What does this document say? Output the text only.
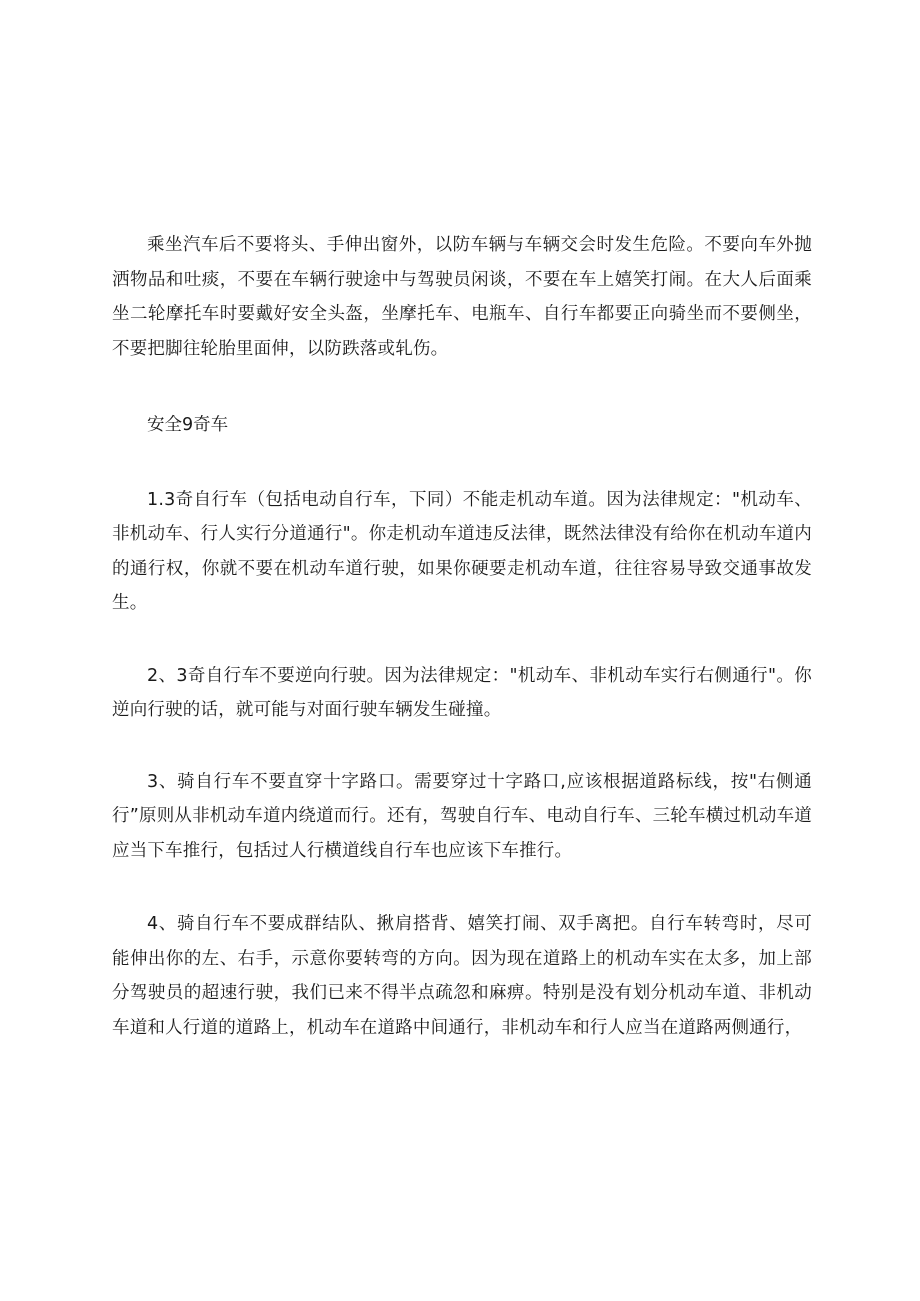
乘坐汽车后不要将头、手伸出窗外，以防车辆与车辆交会时发生危险。不要向车外抛洒物品和吐痰，不要在车辆行驶途中与驾驶员闲谈，不要在车上嬉笑打闹。在大人后面乘坐二轮摩托车时要戴好安全头盔，坐摩托车、电瓶车、自行车都要正向骑坐而不要侧坐，不要把脚往轮胎里面伸，以防跌落或轧伤。

安全9奇车

1.3奇自行车（包括电动自行车，下同）不能走机动车道。因为法律规定："机动车、非机动车、行人实行分道通行"。你走机动车道违反法律，既然法律没有给你在机动车道内的通行权，你就不要在机动车道行驶，如果你硬要走机动车道，往往容易导致交通事故发生。

2、3奇自行车不要逆向行驶。因为法律规定："机动车、非机动车实行右侧通行"。你逆向行驶的话，就可能与对面行驶车辆发生碰撞。

3、骑自行车不要直穿十字路口。需要穿过十字路口,应该根据道路标线，按"右侧通行”原则从非机动车道内绕道而行。还有，驾驶自行车、电动自行车、三轮车横过机动车道应当下车推行，包括过人行横道线自行车也应该下车推行。

4、骑自行车不要成群结队、揪肩搭背、嬉笑打闹、双手离把。自行车转弯时，尽可能伸出你的左、右手，示意你要转弯的方向。因为现在道路上的机动车实在太多，加上部分驾驶员的超速行驶，我们已来不得半点疏忽和麻痹。特别是没有划分机动车道、非机动车道和人行道的道路上，机动车在道路中间通行，非机动车和行人应当在道路两侧通行，
